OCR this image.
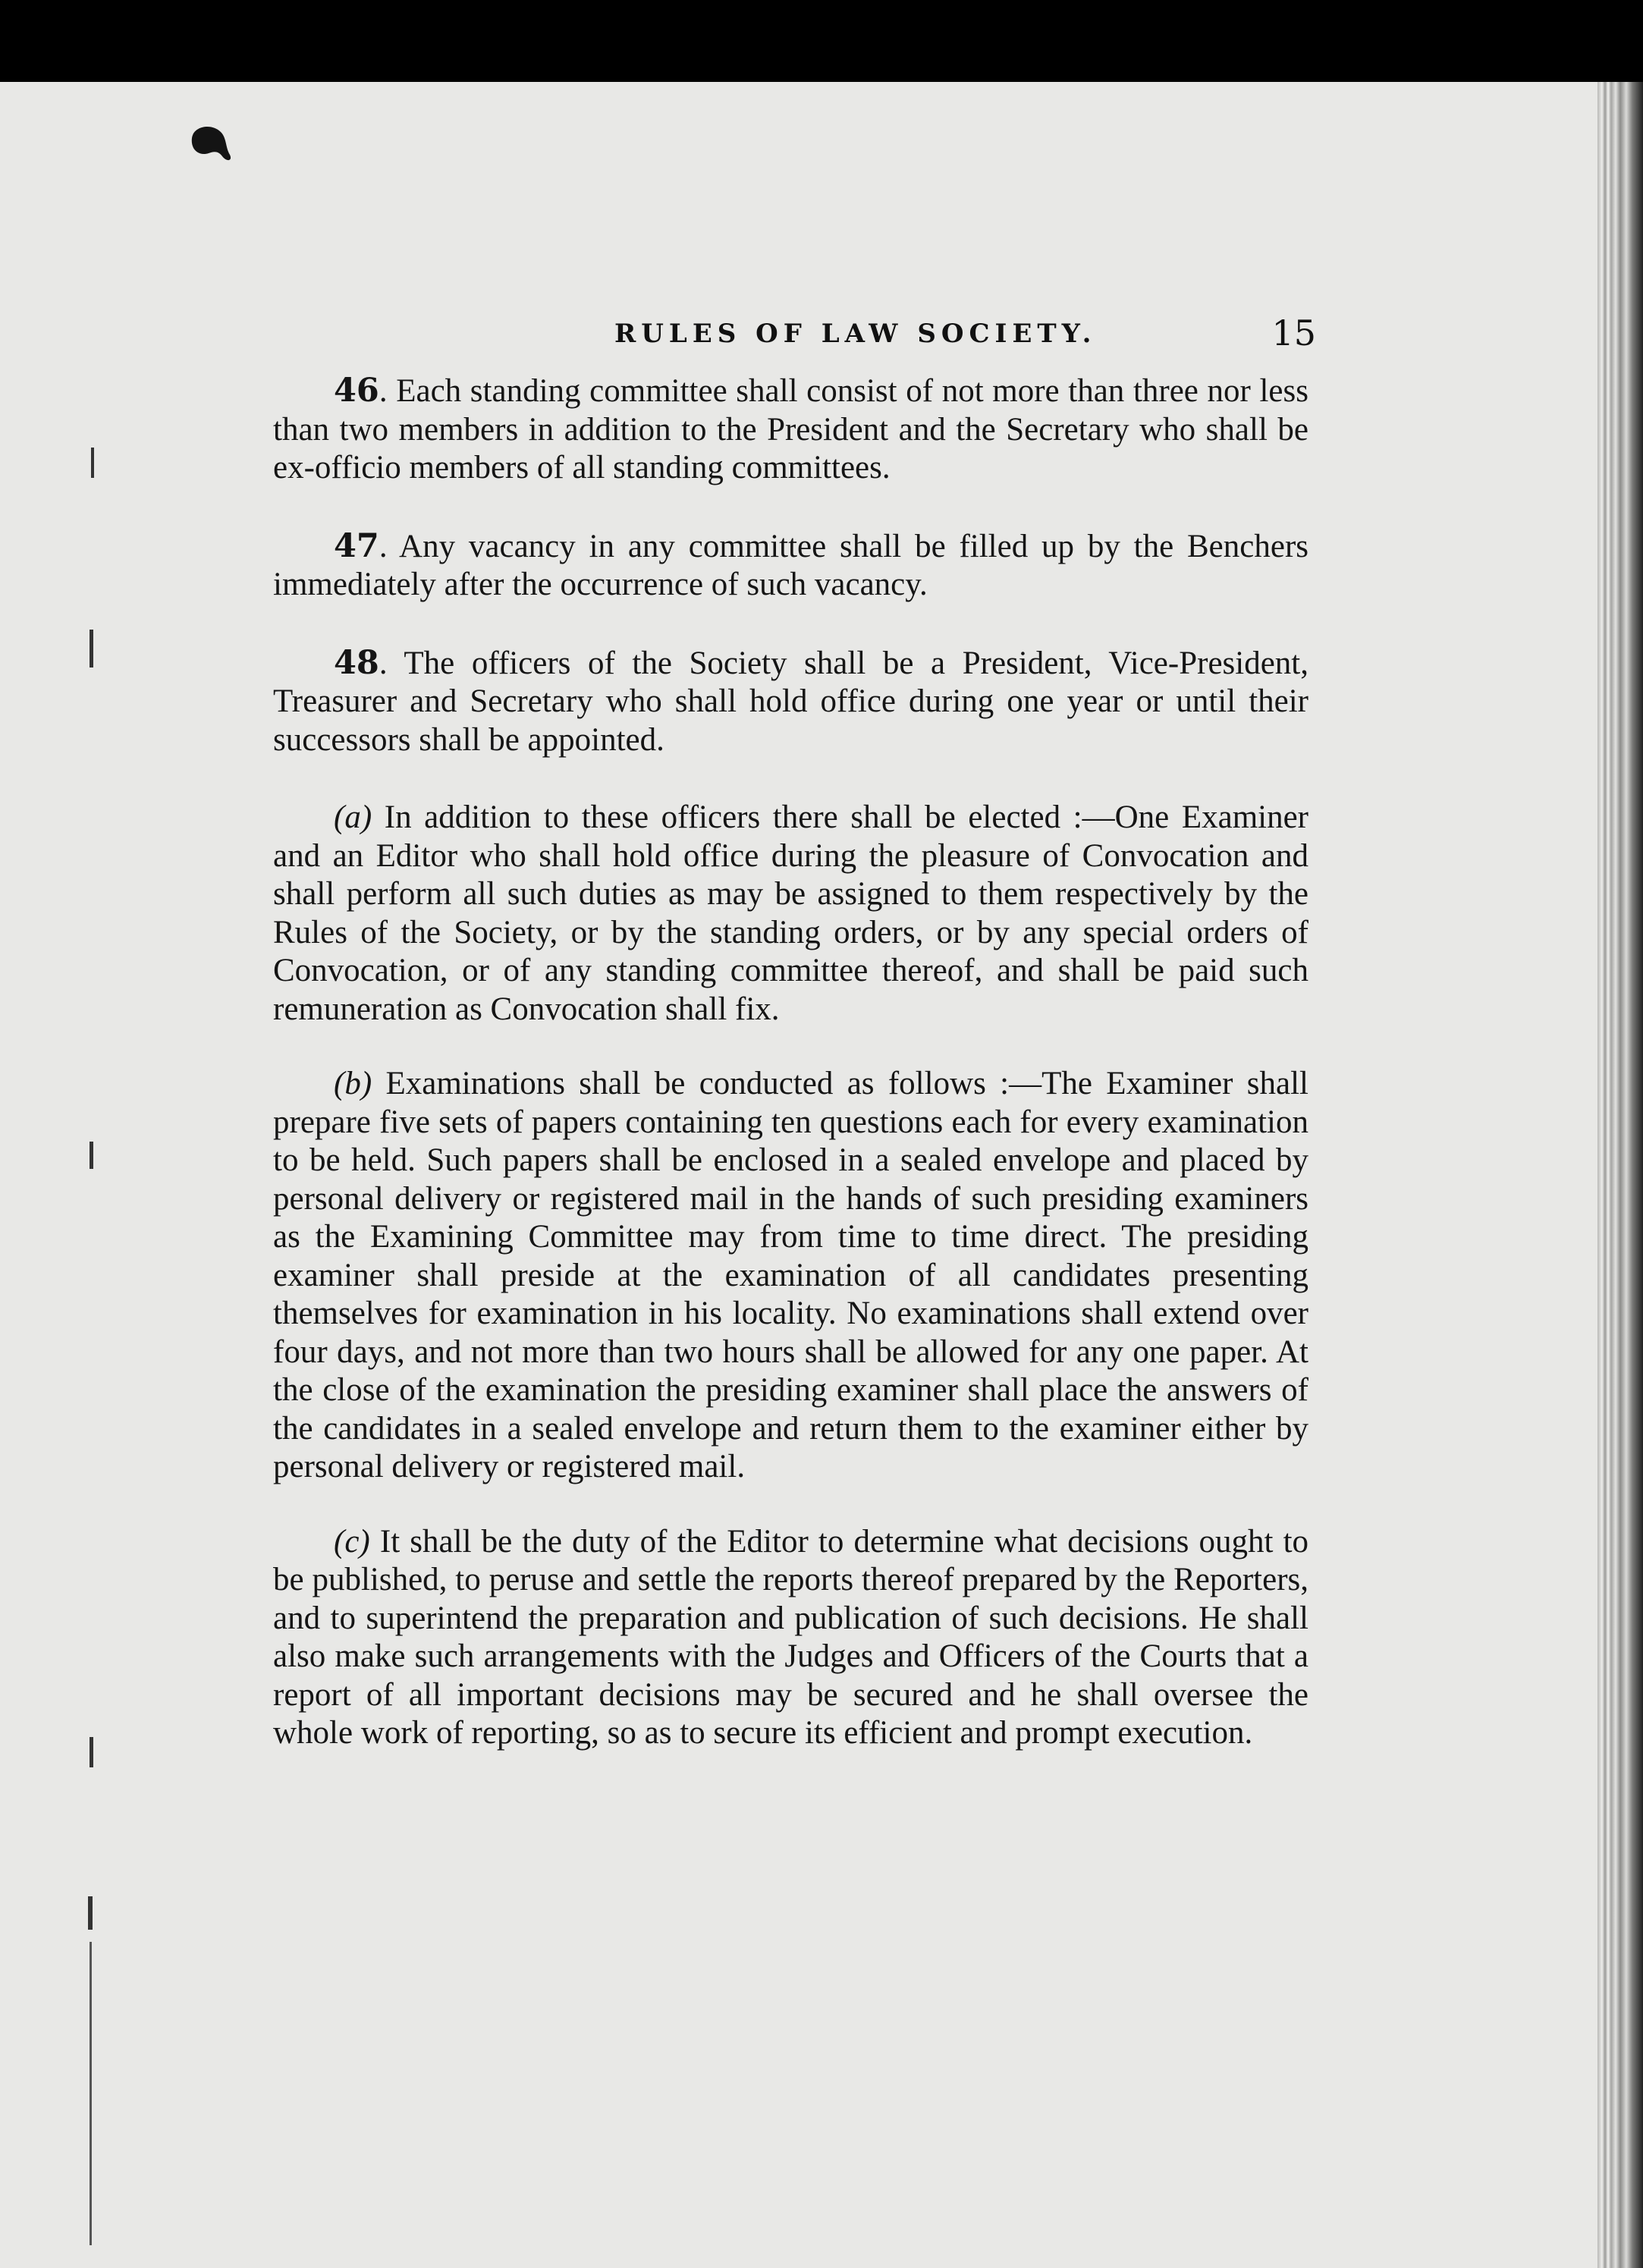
RULES OF LAW SOCIETY.	15

46. Each standing committee shall consist of not more than three nor less than two members in addition to the President and the Secretary who shall be ex-officio members of all standing committees.

47. Any vacancy in any committee shall be filled up by the Benchers immediately after the occurrence of such vacancy.

48. The officers of the Society shall be a President, Vice-President, Treasurer and Secretary who shall hold office during one year or until their successors shall be appointed.

(a) In addition to these officers there shall be elected :—One Examiner and an Editor who shall hold office during the pleasure of Convocation and shall perform all such duties as may be assigned to them respectively by the Rules of the Society, or by the standing orders, or by any special orders of Convocation, or of any standing committee thereof, and shall be paid such remuneration as Convocation shall fix.

(b) Examinations shall be conducted as follows :—The Examiner shall prepare five sets of papers containing ten questions each for every examination to be held. Such papers shall be enclosed in a sealed envelope and placed by personal delivery or registered mail in the hands of such presiding examiners as the Examining Committee may from time to time direct. The presiding examiner shall preside at the examination of all candidates presenting themselves for examination in his locality. No examinations shall extend over four days, and not more than two hours shall be allowed for any one paper. At the close of the examination the presiding examiner shall place the answers of the candidates in a sealed envelope and return them to the examiner either by personal delivery or registered mail.

(c) It shall be the duty of the Editor to determine what decisions ought to be published, to peruse and settle the reports thereof prepared by the Reporters, and to superintend the preparation and publication of such decisions. He shall also make such arrangements with the Judges and Officers of the Courts that a report of all important decisions may be secured and he shall oversee the whole work of reporting, so as to secure its efficient and prompt execution.
